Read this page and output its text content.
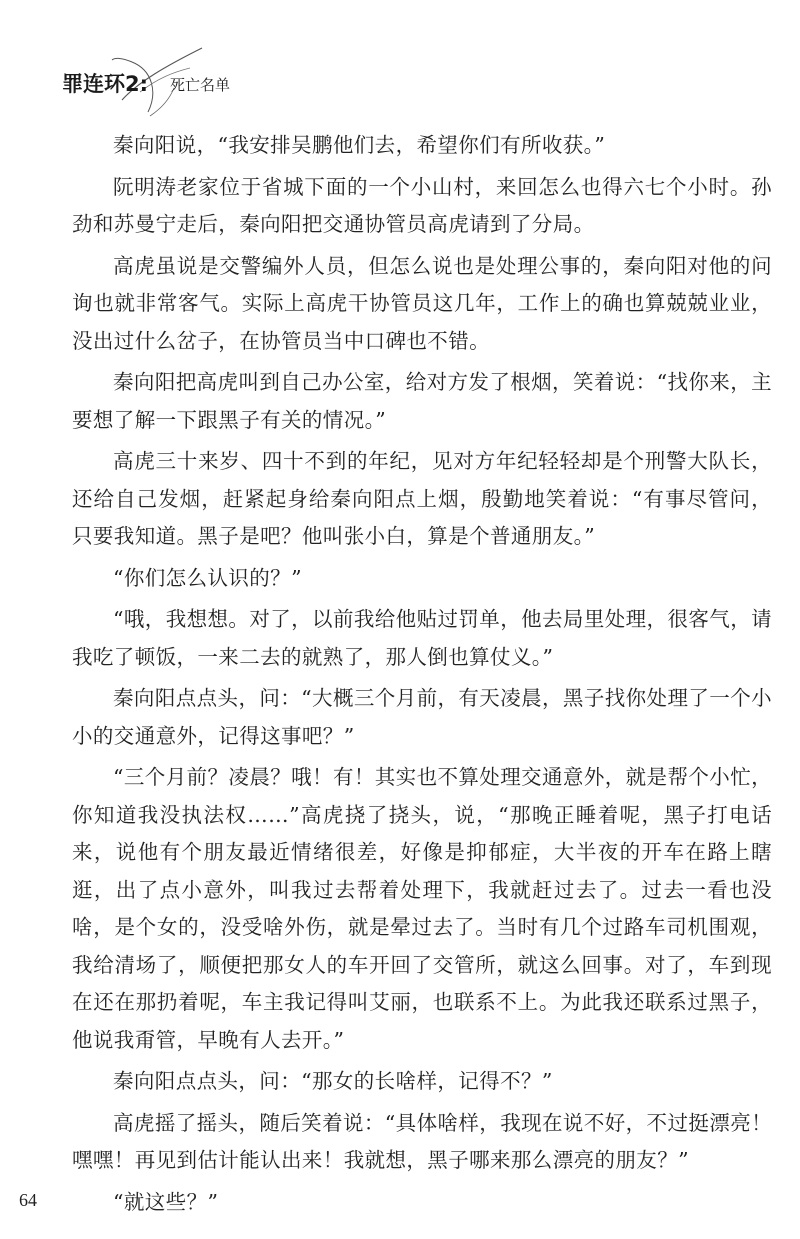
罪连环2: 死亡名单

秦向阳说，“我安排吴鹏他们去，希望你们有所收获。”

阮明涛老家位于省城下面的一个小山村，来回怎么也得六七个小时。孙劲和苏曼宁走后，秦向阳把交通协管员高虎请到了分局。

高虎虽说是交警编外人员，但怎么说也是处理公事的，秦向阳对他的问询也就非常客气。实际上高虎干协管员这几年，工作上的确也算兢兢业业，没出过什么岔子，在协管员当中口碑也不错。

秦向阳把高虎叫到自己办公室，给对方发了根烟，笑着说：“找你来，主要想了解一下跟黑子有关的情况。”

高虎三十来岁、四十不到的年纪，见对方年纪轻轻却是个刑警大队长，还给自己发烟，赶紧起身给秦向阳点上烟，殷勤地笑着说：“有事尽管问，只要我知道。黑子是吧？他叫张小白，算是个普通朋友。”

“你们怎么认识的？”

“哦，我想想。对了，以前我给他贴过罚单，他去局里处理，很客气，请我吃了顿饭，一来二去的就熟了，那人倒也算仗义。”

秦向阳点点头，问：“大概三个月前，有天凌晨，黑子找你处理了一个小小的交通意外，记得这事吧？”

“三个月前？凌晨？哦！有！其实也不算处理交通意外，就是帮个小忙，你知道我没执法权……”高虎挠了挠头，说，“那晚正睡着呢，黑子打电话来，说他有个朋友最近情绪很差，好像是抑郁症，大半夜的开车在路上瞎逛，出了点小意外，叫我过去帮着处理下，我就赶过去了。过去一看也没啥，是个女的，没受啥外伤，就是晕过去了。当时有几个过路车司机围观，我给清场了，顺便把那女人的车开回了交管所，就这么回事。对了，车到现在还在那扔着呢，车主我记得叫艾丽，也联系不上。为此我还联系过黑子，他说我甭管，早晚有人去开。”

秦向阳点点头，问：“那女的长啥样，记得不？”

高虎摇了摇头，随后笑着说：“具体啥样，我现在说不好，不过挺漂亮！嘿嘿！再见到估计能认出来！我就想，黑子哪来那么漂亮的朋友？”

“就这些？”

64
